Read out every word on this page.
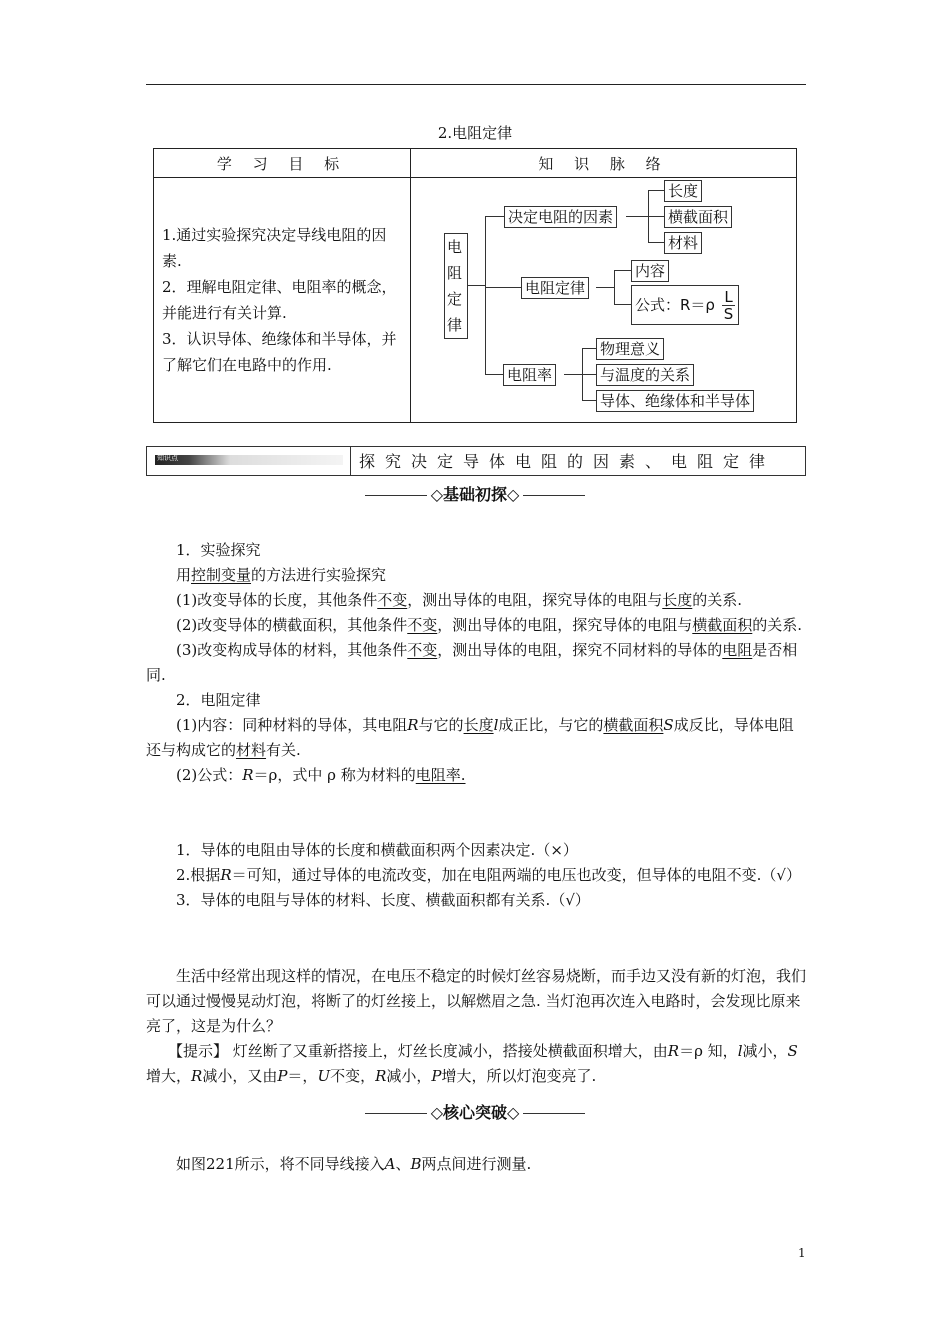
2.电阻定律
学 习 目 标	知 识 脉 络

1.通过实验探究决定导线电阻的因素.
2．理解电阻定律、电阻率的概念，并能进行有关计算.
3．认识导体、绝缘体和半导体，并了解它们在电路中的作用.	

电阻定律
决定电阻的因素
长度
横截面积
材料
电阻定律
内容
公式：$R=\rho \frac{L}{S}$
电阻率
物理意义
与温度的关系
导体、绝缘体和半导体
知识点	探究决定导体电阻的因素、电阻定律
◇基础初探◇
1．实验探究
用控制变量的方法进行实验探究
(1)改变导体的长度，其他条件不变，测出导体的电阻，探究导体的电阻与长度的关系.
(2)改变导体的横截面积，其他条件不变，测出导体的电阻，探究导体的电阻与横截面积的关系.
(3)改变构成导体的材料，其他条件不变，测出导体的电阻，探究不同材料的导体的电阻是否相同.
2．电阻定律
(1)内容：同种材料的导体，其电阻R与它的长度l成正比，与它的横截面积S成反比，导体电阻还与构成它的材料有关.
(2)公式：R＝ρ，式中 ρ 称为材料的电阻率.
1．导体的电阻由导体的长度和横截面积两个因素决定.（×）
2.根据R＝可知，通过导体的电流改变，加在电阻两端的电压也改变，但导体的电阻不变.（√）
3．导体的电阻与导体的材料、长度、横截面积都有关系.（√）
生活中经常出现这样的情况，在电压不稳定的时候灯丝容易烧断，而手边又没有新的灯泡，我们可以通过慢慢晃动灯泡，将断了的灯丝接上，以解燃眉之急. 当灯泡再次连入电路时，会发现比原来亮了，这是为什么？
【提示】 灯丝断了又重新搭接上，灯丝长度减小，搭接处横截面积增大，由R＝ρ 知，l减小，S增大，R减小，又由P＝，U不变，R减小，P增大，所以灯泡变亮了.
◇核心突破◇
如图221所示，将不同导线接入A、B两点间进行测量.
1
